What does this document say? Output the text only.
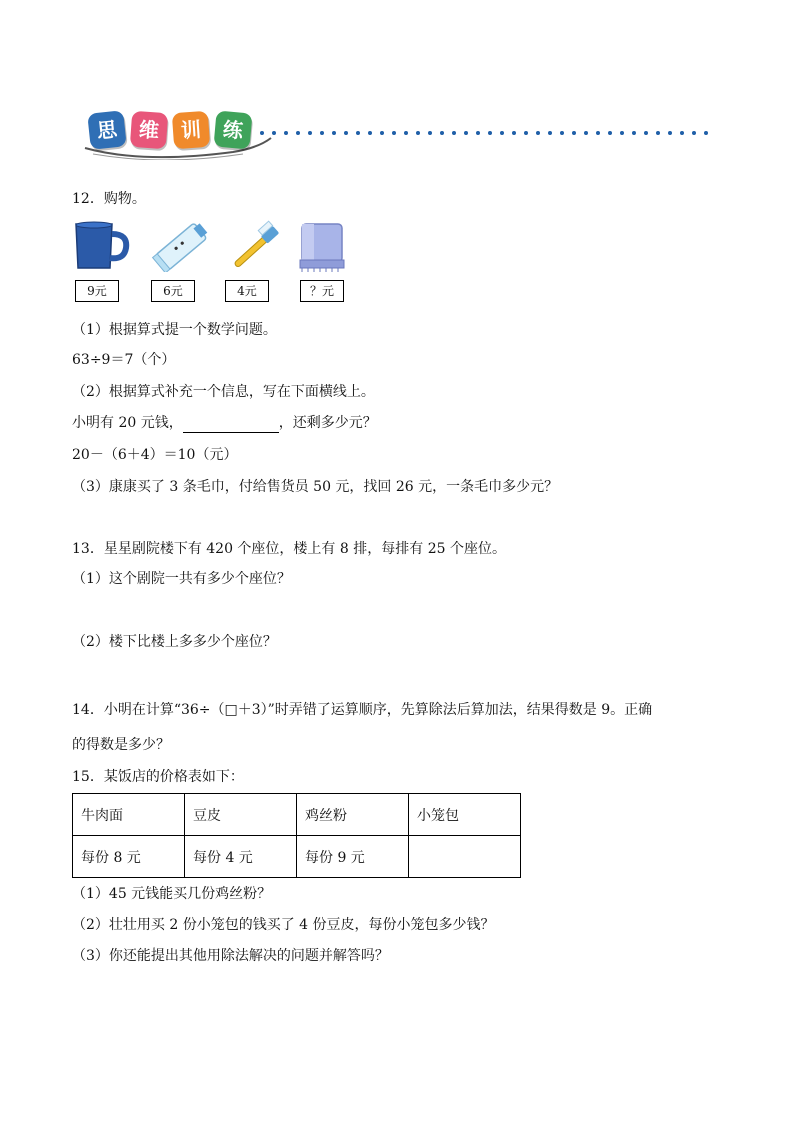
思 维	训	练
12．购物。
9元	6元	4元	？元
（1）根据算式提一个数学问题。
63÷9＝7（个）
（2）根据算式补充一个信息，写在下面横线上。
小明有 20 元钱，	，还剩多少元？
20－（6＋4）＝10（元）
（3）康康买了 3 条毛巾，付给售货员 50 元，找回 26 元，一条毛巾多少元？
13．星星剧院楼下有 420 个座位，楼上有 8 排，每排有 25 个座位。
（1）这个剧院一共有多少个座位？
（2）楼下比楼上多多少个座位？
14．小明在计算“36÷（□＋3）”时弄错了运算顺序，先算除法后算加法，结果得数是 9。正确
的得数是多少？
15．某饭店的价格表如下：
牛肉面	豆皮	鸡丝粉	小笼包
每份 8 元	每份 4 元	每份 9 元	
（1）45 元钱能买几份鸡丝粉？
（2）壮壮用买 2 份小笼包的钱买了 4 份豆皮，每份小笼包多少钱？
（3）你还能提出其他用除法解决的问题并解答吗？
